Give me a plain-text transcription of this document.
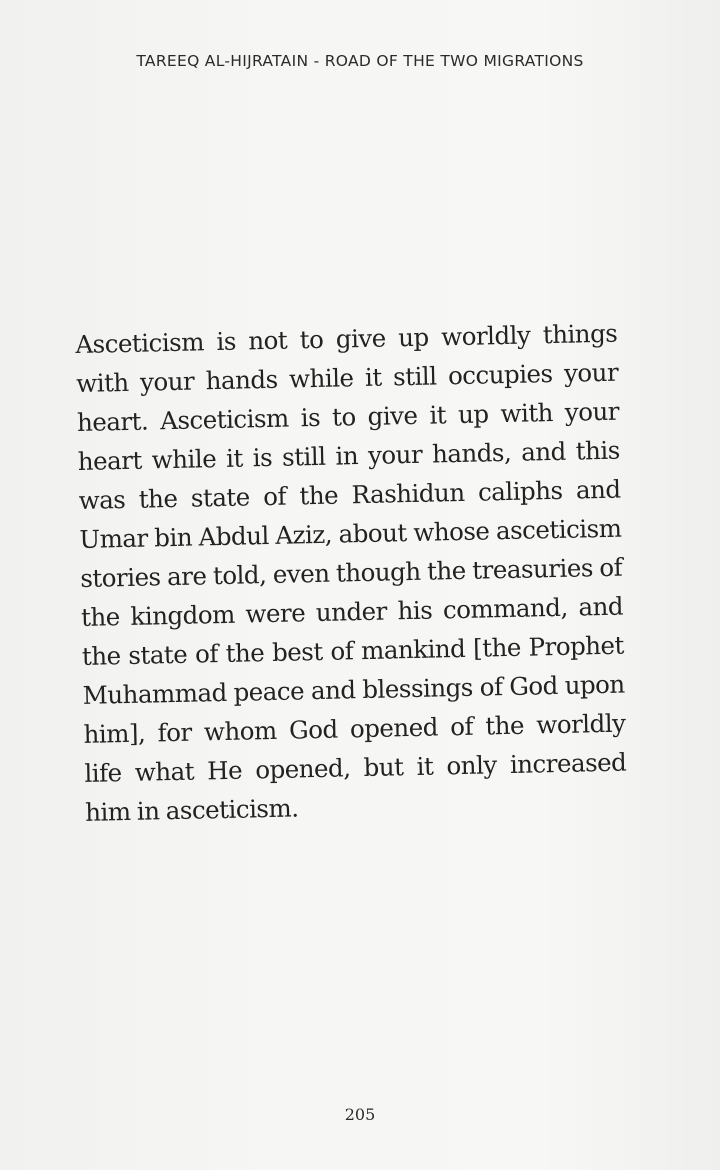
TAREEQ AL-HIJRATAIN - ROAD OF THE TWO MIGRATIONS
Asceticism is not to give up worldly things with your hands while it still occupies your heart. Asceticism is to give it up with your heart while it is still in your hands, and this was the state of the Rashidun caliphs and Umar bin Abdul Aziz, about whose asceticism stories are told, even though the treasuries of the kingdom were under his command, and the state of the best of mankind [the Prophet Muhammad peace and blessings of God upon him], for whom God opened of the worldly life what He opened, but it only increased him in asceticism.
205
